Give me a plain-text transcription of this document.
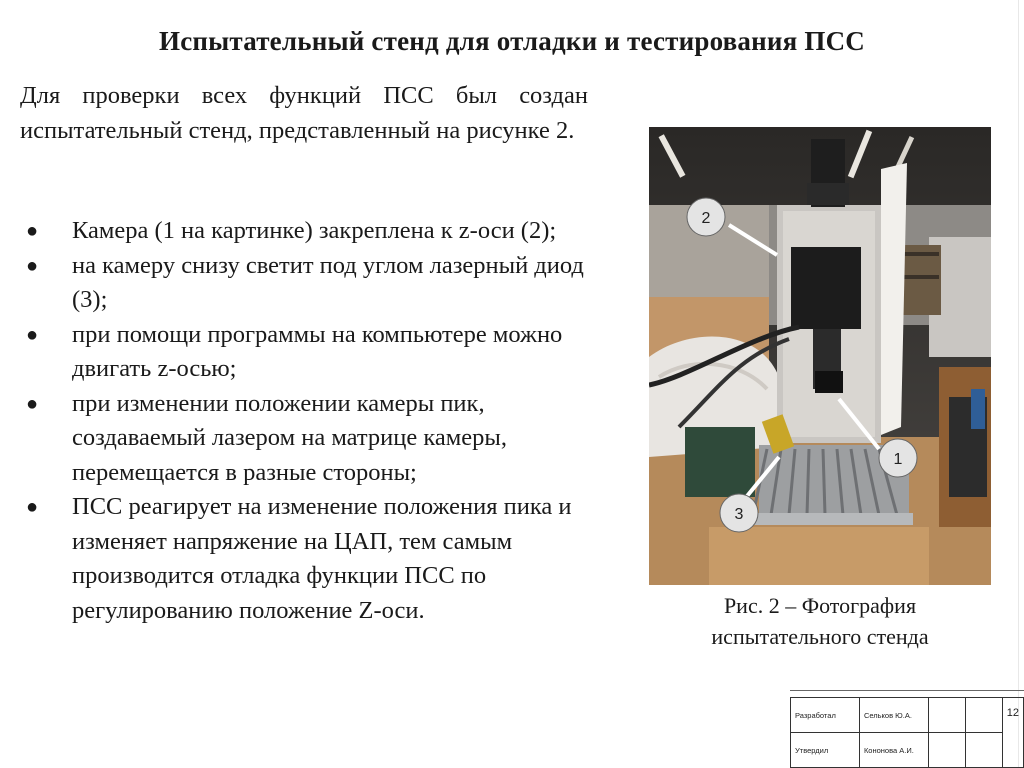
Испытательный стенд для отладки и тестирования ПСС
Для проверки всех функций ПСС был создан испытательный стенд, представленный на рисунке 2.
● Камера (1 на картинке) закреплена к z-оси (2);
● на камеру снизу светит под углом лазерный диод (3);
● при помощи программы на компьютере можно двигать z-осью;
● при изменении положении камеры пик, создаваемый лазером на матрице камеры, перемещается в разные стороны;
● ПСС реагирует на изменение положения пика и изменяет напряжение на ЦАП, тем самым производится отладка функции ПСС по регулированию положение Z-оси.
2
1
3
Рис. 2 – Фотография испытательного стенда
Разработал	Сельков Ю.А.			12
Утвердил	Кононова А.И.			
